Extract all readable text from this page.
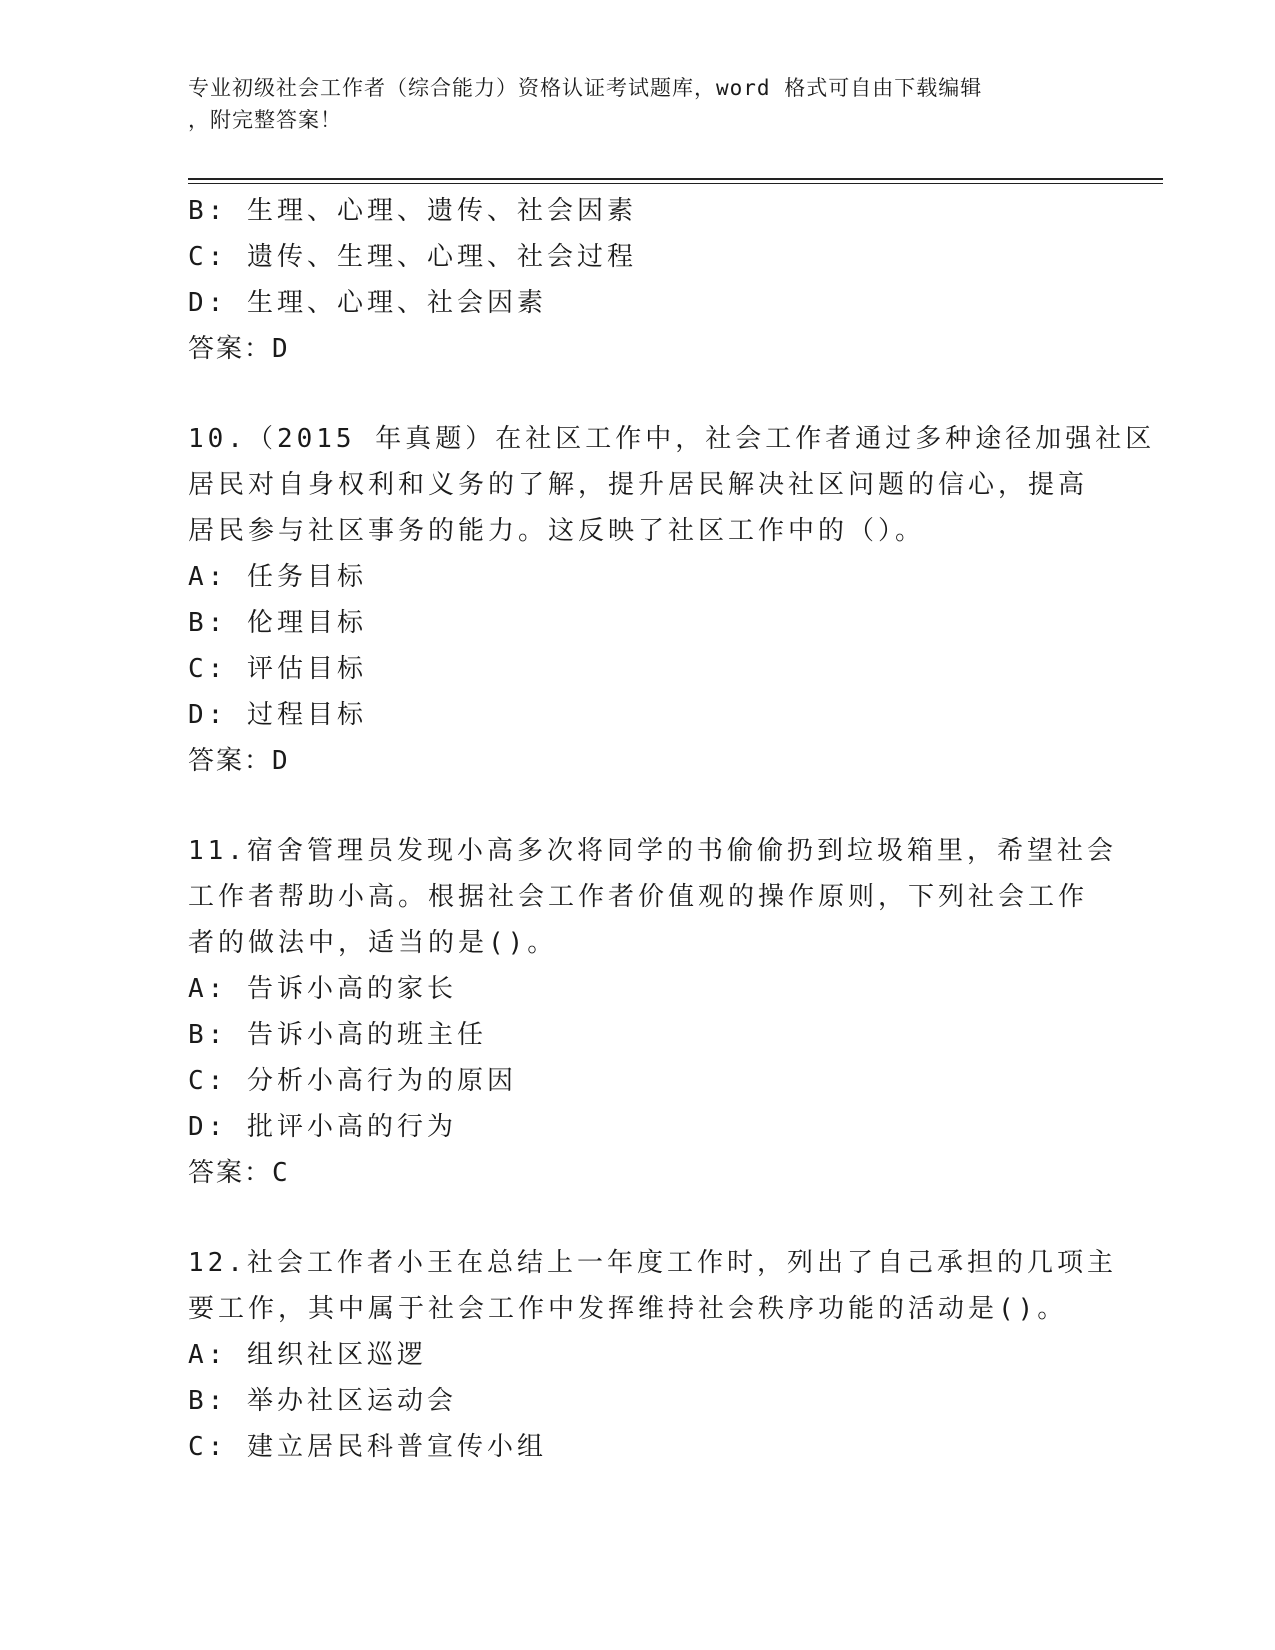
专业初级社会工作者（综合能力）资格认证考试题库，word 格式可自由下载编辑
，附完整答案！
B: 生理、心理、遗传、社会因素
C: 遗传、生理、心理、社会过程
D: 生理、心理、社会因素
答案：D
10.（2015 年真题）在社区工作中，社会工作者通过多种途径加强社区
居民对自身权利和义务的了解，提升居民解决社区问题的信心，提高
居民参与社区事务的能力。这反映了社区工作中的（）。
A: 任务目标
B: 伦理目标
C: 评估目标
D: 过程目标
答案：D
11.宿舍管理员发现小高多次将同学的书偷偷扔到垃圾箱里，希望社会
工作者帮助小高。根据社会工作者价值观的操作原则，下列社会工作
者的做法中，适当的是()。
A: 告诉小高的家长
B: 告诉小高的班主任
C: 分析小高行为的原因
D: 批评小高的行为
答案：C
12.社会工作者小王在总结上一年度工作时，列出了自己承担的几项主
要工作，其中属于社会工作中发挥维持社会秩序功能的活动是()。
A: 组织社区巡逻
B: 举办社区运动会
C: 建立居民科普宣传小组
